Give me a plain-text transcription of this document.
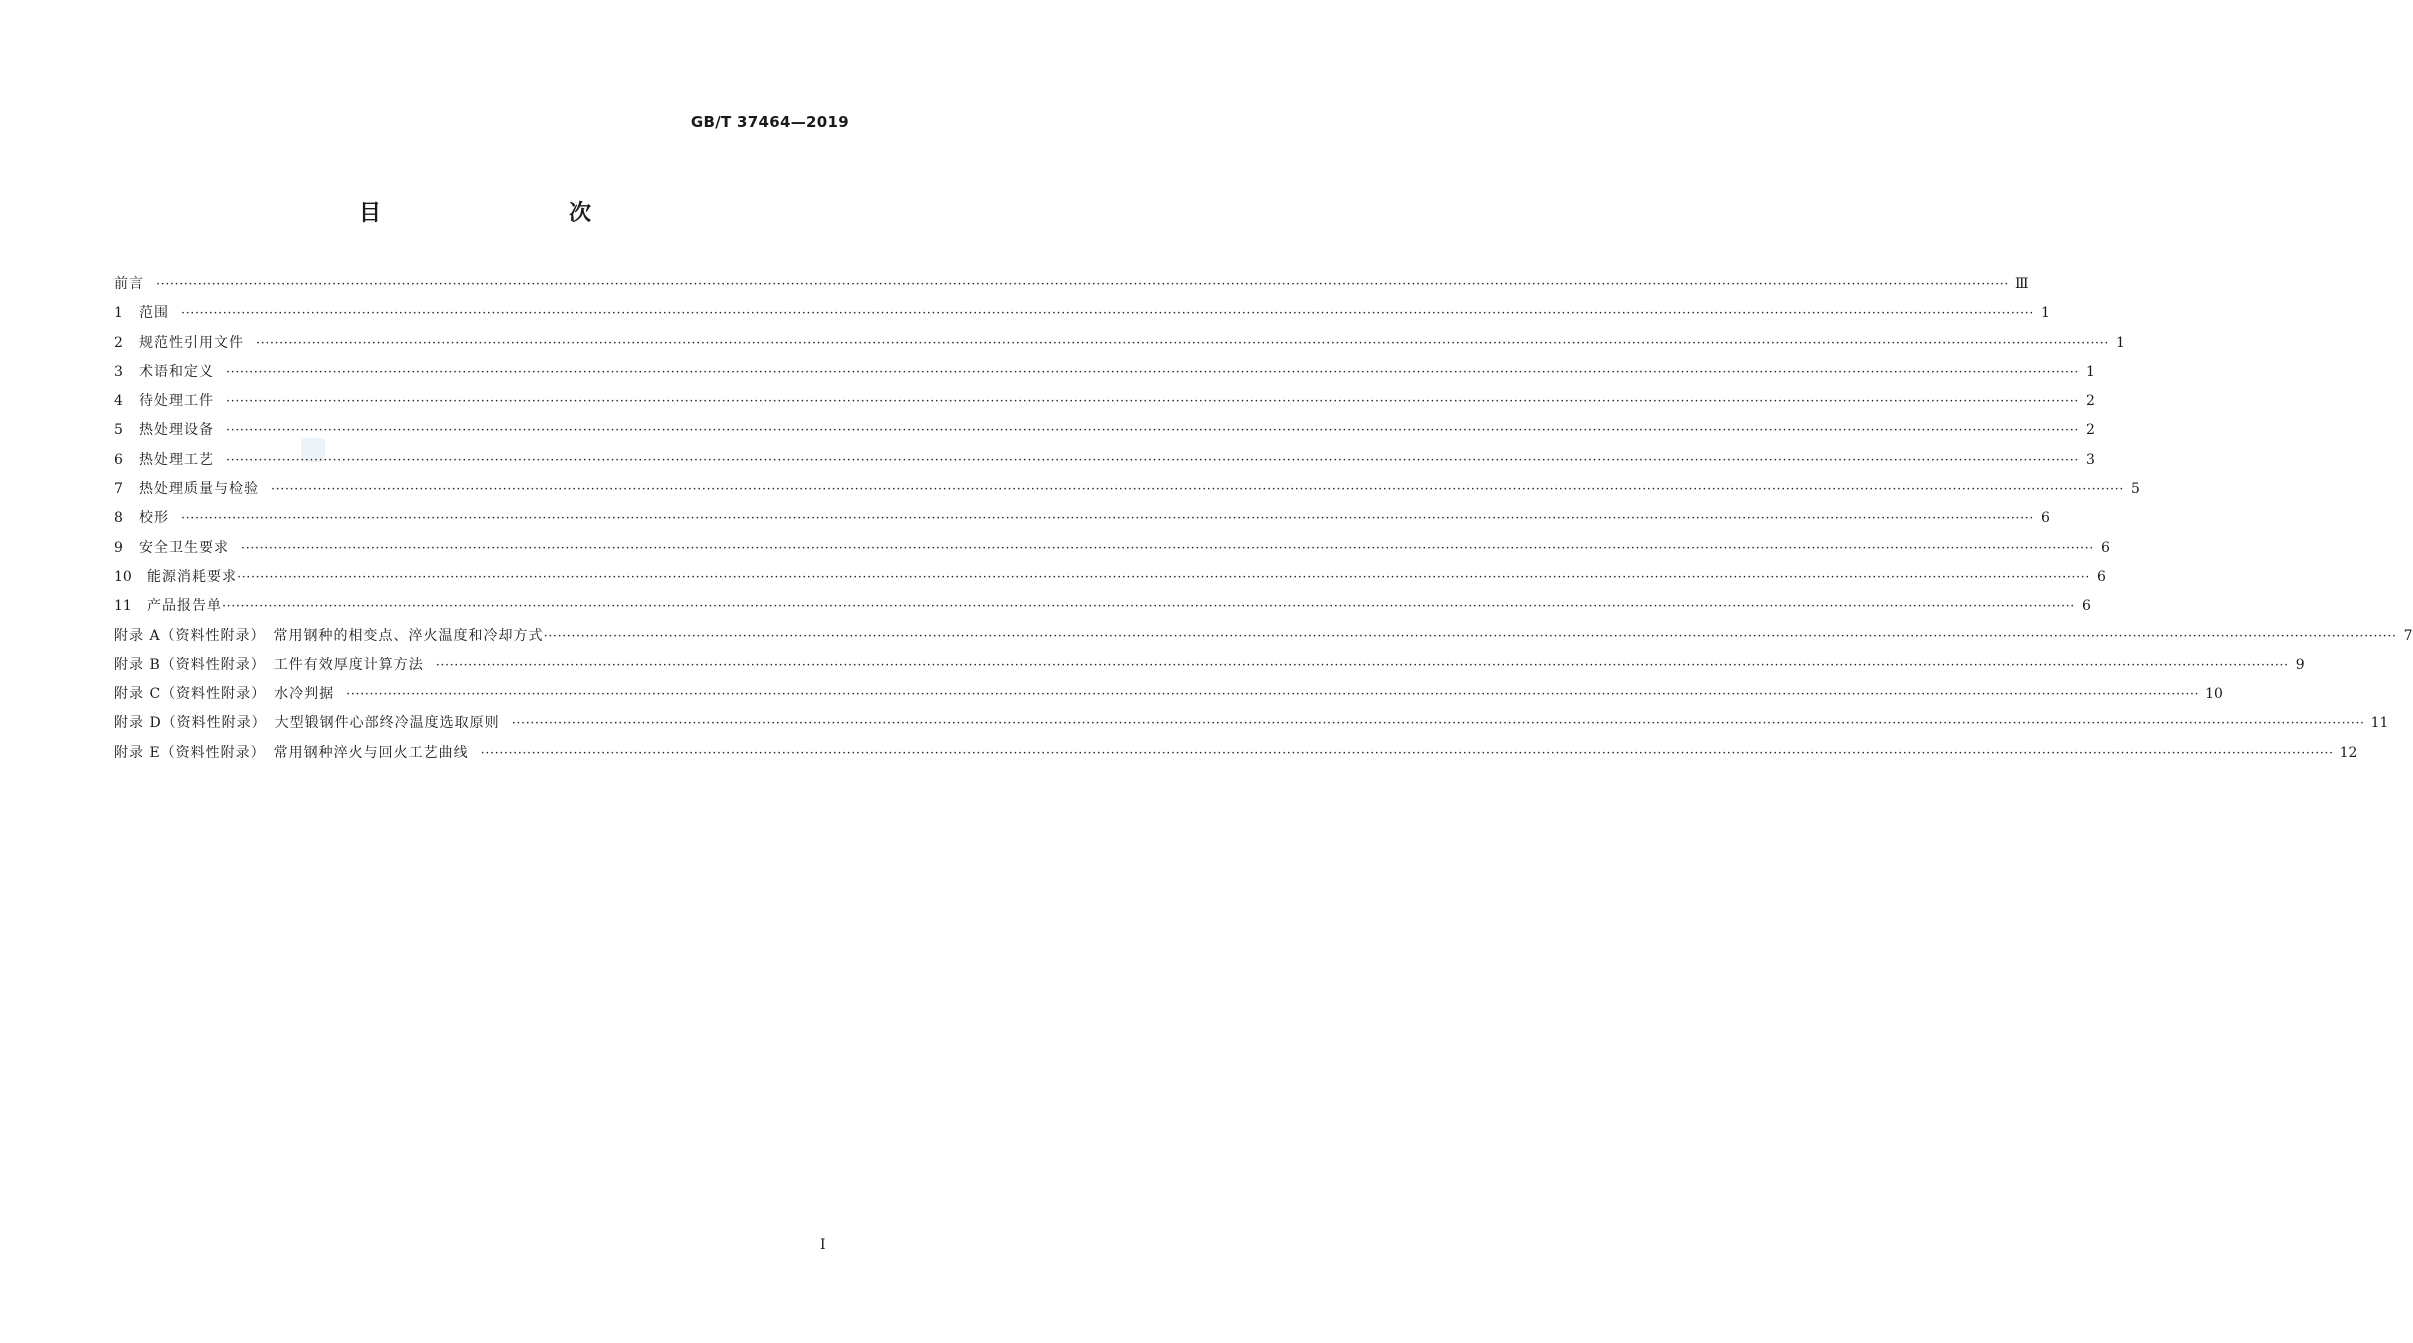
GB/T 37464—2019
目　　次
前言 ················································································································································································································································································································································································································ Ⅲ
1	范围 ················································································································································································································································································································································································································ 1
2	规范性引用文件 ················································································································································································································································································································································································································ 1
3	术语和定义 ················································································································································································································································································································································································································ 1
4	待处理工件 ················································································································································································································································································································································································································ 2
5	热处理设备 ················································································································································································································································································································································································································ 2
6	热处理工艺 ················································································································································································································································································································································································································ 3
7	热处理质量与检验 ················································································································································································································································································································································································································ 5
8	校形 ················································································································································································································································································································································································································ 6
9	安全卫生要求 ················································································································································································································································································································································································································ 6
10	能源消耗要求 ················································································································································································································································································································································································································ 6
11	产品报告单 ················································································································································································································································································································································································································ 6
附录 A（资料性附录）　常用钢种的相变点、淬火温度和冷却方式 ················································································································································································································································································································································································································ 7
附录 B（资料性附录）　工件有效厚度计算方法 ················································································································································································································································································································································································································ 9
附录 C（资料性附录）　水冷判据 ················································································································································································································································································································································································································ 10
附录 D（资料性附录）　大型锻钢件心部终冷温度选取原则 ················································································································································································································································································································································································································ 11
附录 E（资料性附录）　常用钢种淬火与回火工艺曲线 ················································································································································································································································································································································································································ 12
Ⅰ
